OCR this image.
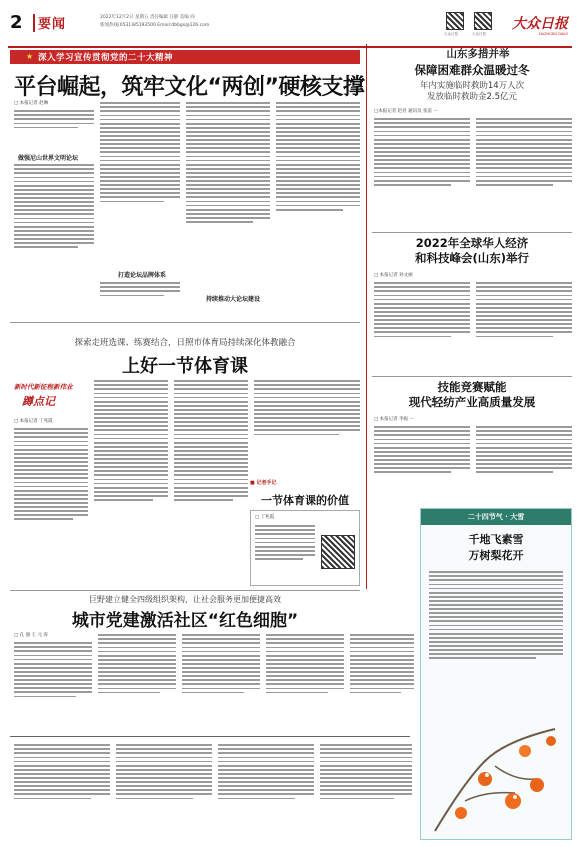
2 要闻	2022年12月2日 星期五 责任编辑 汪静 美编 尚
新闻热线(0531)85193500 Email:dbbgs@126.com
大众日报	大众日报
大众日报
DAZHONG DAILY
★ 深入学习宣传贯彻党的二十大精神
平台崛起，筑牢文化“两创”硬核支撑
□ 本报记者 赵琳
做强尼山世界文明论坛
打造论坛品牌体系
持续推动大论坛建设
山东多措并举
保障困难群众温暖过冬
年内实施临时救助14万人次
发放临时救助金2.5亿元
□本报记者 赵君 通讯员 张雷 ···
2022年全球华人经济
和科技峰会(山东)举行
□ 本报记者 孙文丽
技能竞赛赋能
现代轻纺产业高质量发展
□ 本报记者 李振 ···
探索走班选课、练赛结合，日照市体育局持续深化体教融合
上好一节体育课
新时代新征程新伟业
蹲点记
□ 本报记者 丁兆霞
■ 记者手记
一节体育课的价值
□ 丁兆霞
巨野建立健全四级组织架构，让社会服务更加便捷高效
城市党建激活社区“红色细胞”
□ 孔 强 王 元 涛
二十四节气 · 大雪
千地飞素雪
万树梨花开
